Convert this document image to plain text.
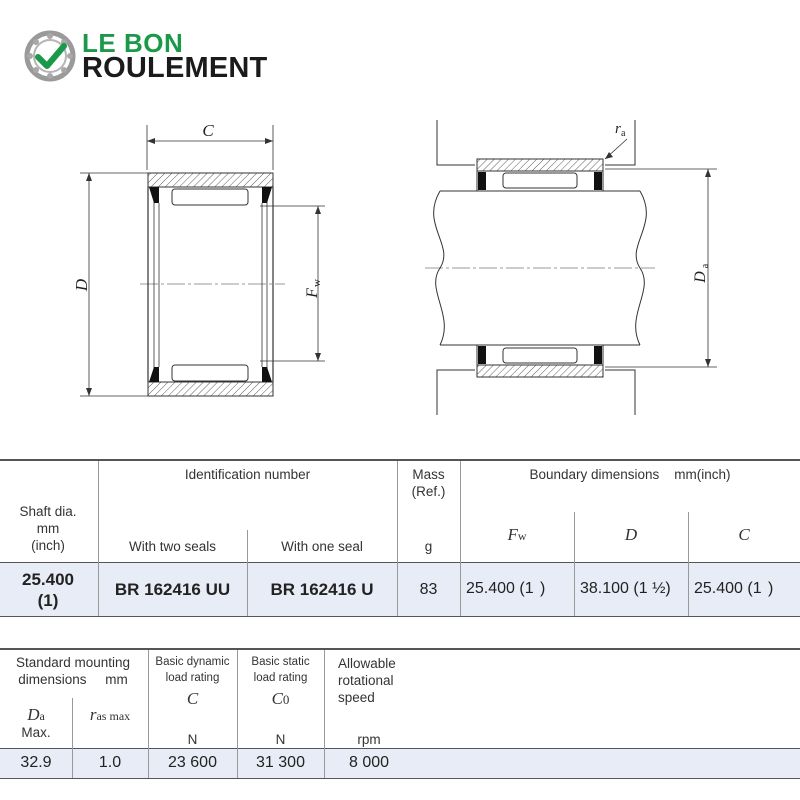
LE BON
ROULEMENT
C
D
F
w
r a
D
a
Shaft dia.
mm
(inch)
Identification number
With two seals	With one seal
Mass
(Ref.)
g
Boundary dimensions    mm(inch)
Fw	D	C
25.400
(1)
BR 162416 UU	BR 162416 U	83	25.400 (1  )	38.100 (1 ½)	25.400 (1  )
Standard mounting
dimensions     mm
Da
Max.
ras max
Basic dynamic
load rating
C
N
Basic static
load rating
C0
N
Allowable
rotational
speed
rpm
32.9	1.0	23 600	31 300	8 000
